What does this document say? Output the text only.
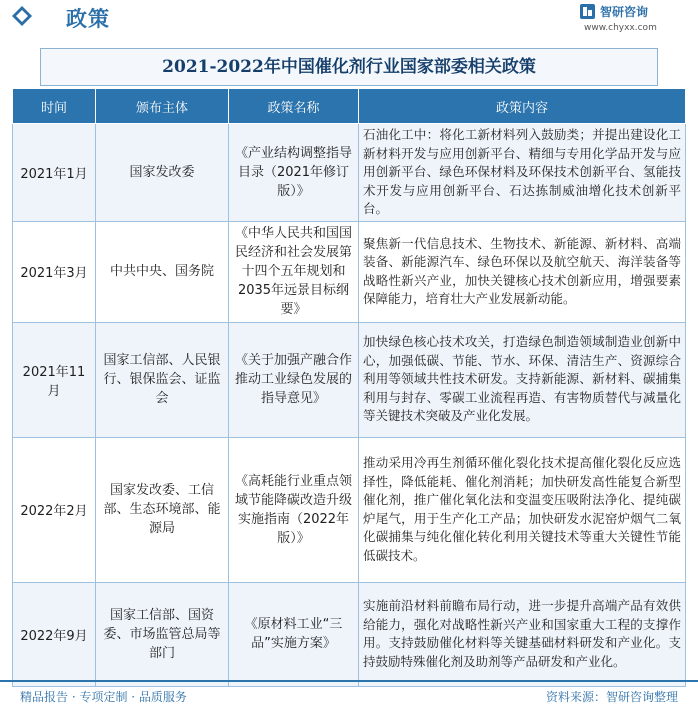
政策	智研咨询
www.chyxx.com
2021-2022年中国催化剂行业国家部委相关政策
时间	颁布主体	政策名称	政策内容
2021年1月	国家发改委	《产业结构调整指导目录（2021年修订版）》	石油化工中：将化工新材料列入鼓励类；并提出建设化工新材料开发与应用创新平台、精细与专用化学品开发与应用创新平台、绿色环保材料及环保技术创新平台、氢能技术开发与应用创新平台、石达拣制威油增化技术创新平台。
2021年3月	中共中央、国务院	《中华人民共和国国民经济和社会发展第十四个五年规划和2035年远景目标纲要》	聚焦新一代信息技术、生物技术、新能源、新材料、高端装备、新能源汽车、绿色环保以及航空航天、海洋装备等战略性新兴产业，加快关键核心技术创新应用，增强要素保障能力，培育壮大产业发展新动能。
2021年11月	国家工信部、人民银行、银保监会、证监会	《关于加强产融合作推动工业绿色发展的指导意见》	加快绿色核心技术攻关，打造绿色制造领域制造业创新中心，加强低碳、节能、节水、环保、清洁生产、资源综合利用等领域共性技术研发。支持新能源、新材料、碳捕集利用与封存、零碳工业流程再造、有害物质替代与减量化等关键技术突破及产业化发展。
2022年2月	国家发改委、工信部、生态环境部、能源局	《高耗能行业重点领域节能降碳改造升级实施指南（2022年版）》	推动采用冷再生剂循环催化裂化技术提高催化裂化反应选择性，降低能耗、催化剂消耗；加快研发高性能复合新型催化剂，推广催化氧化法和变温变压吸附法净化、提纯碳炉尾气，用于生产化工产品；加快研发水泥窑炉烟气二氧化碳捕集与纯化催化转化利用关键技术等重大关键性节能低碳技术。
2022年9月	国家工信部、国资委、市场监管总局等部门	《原材料工业“三品”实施方案》	实施前沿材料前瞻布局行动，进一步提升高端产品有效供给能力，强化对战略性新兴产业和国家重大工程的支撑作用。支持鼓励催化材料等关键基础材料研发和产业化。支持鼓励特殊催化剂及助剂等产品研发和产业化。
精品报告 · 专项定制 · 品质服务	资料来源：智研咨询整理
